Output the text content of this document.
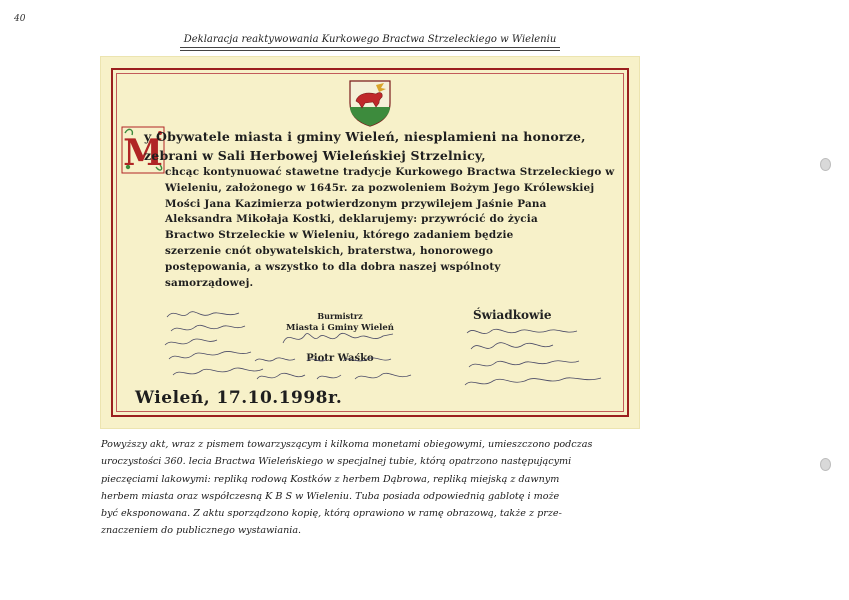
40
Deklaracja reaktywowania Kurkowego Bractwa Strzeleckiego w Wieleniu
M
y Obywatele miasta i gminy Wieleń, niesplamieni na honorze,
zebrani w Sali Herbowej Wieleńskiej Strzelnicy,
chcąc kontynuować stawetne tradycje Kurkowego Bractwa Strzeleckiego w
Wieleniu, założonego w 1645r. za pozwoleniem Bożym Jego Królewskiej
Mości Jana Kazimierza potwierdzonym przywilejem Jaśnie Pana
Aleksandra Mikołaja Kostki, deklarujemy: przywrócić do życia
Bractwo Strzeleckie w Wieleniu, którego zadaniem będzie
szerzenie cnót obywatelskich, braterstwa, honorowego
postępowania, a wszystko to dla dobra naszej wspólnoty
samorządowej.
Burmistrz
Miasta i Gminy Wieleń
Piotr Waśko
Świadkowie
Wieleń, 17.10.1998r.
Powyższy akt, wraz z pismem towarzyszącym i kilkoma monetami obiegowymi, umieszczono podczas
uroczystości 360. lecia Bractwa Wieleńskiego w specjalnej tubie, którą opatrzono następującymi
pieczęciami lakowymi: repliką rodową Kostków z herbem Dąbrowa, repliką miejską z dawnym
herbem miasta oraz współczesną K B S w Wieleniu. Tuba posiada odpowiednią gablotę i może
być eksponowana. Z aktu sporządzono kopię, którą oprawiono w ramę obrazową, także z prze-
znaczeniem do publicznego wystawiania.
